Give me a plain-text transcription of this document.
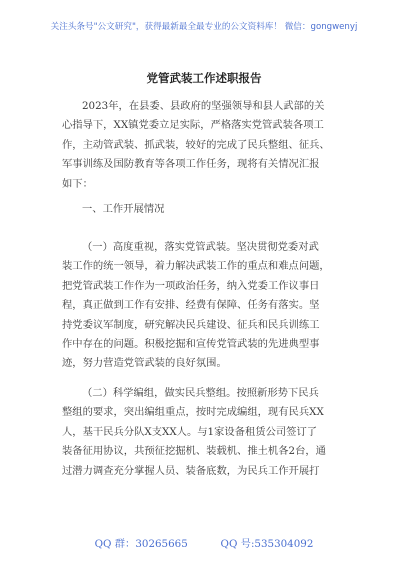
关注头条号"公文研究"，获得最新最全最专业的公文资料库！ 微信：gongwenyj
党管武装工作述职报告
2023年，在县委、县政府的坚强领导和县人武部的关
心指导下，XX镇党委立足实际，严格落实党管武装各项工
作，主动管武装、抓武装，较好的完成了民兵整组、征兵、
军事训练及国防教育等各项工作任务，现将有关情况汇报
如下：
一、工作开展情况
（一）高度重视，落实党管武装。坚决贯彻党委对武
装工作的统一领导，着力解决武装工作的重点和难点问题，
把党管武装工作作为一项政治任务，纳入党委工作议事日
程，真正做到工作有安排、经费有保障、任务有落实。坚
持党委议军制度，研究解决民兵建设、征兵和民兵训练工
作中存在的问题。积极挖掘和宣传党管武装的先进典型事
迹，努力营造党管武装的良好氛围。
（二）科学编组，做实民兵整组。按照新形势下民兵
整组的要求，突出编组重点，按时完成编组，现有民兵XX
人，基干民兵分队X支XX人。与1家设备租赁公司签订了
装备征用协议，共预征挖掘机、装载机、推土机各2台，通
过潜力调查充分掌握人员、装备底数，为民兵工作开展打
QQ 群：30265665	QQ 号:535304092
